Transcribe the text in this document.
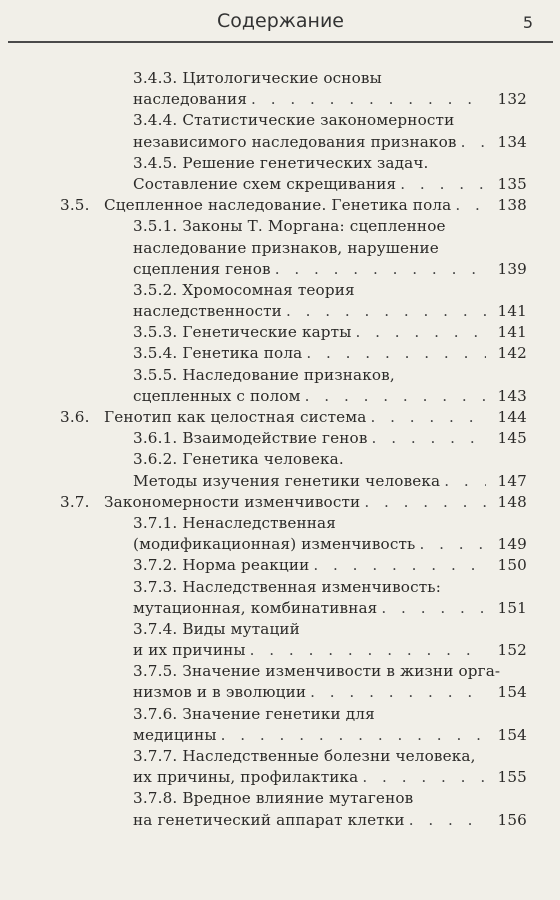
Содержание	5
3.4.3. Цитологические основы
наследования . . .	132
3.4.4. Статистические закономерности
независимого наследования признаков . . .	134
3.4.5. Решение генетических задач.
Составление схем скрещивания . . .	135
3.5. Сцепленное наследование. Генетика пола . . .	138
3.5.1. Законы Т. Моргана: сцепленное
наследование признаков, нарушение
сцепления генов . . .	139
3.5.2. Хромосомная теория
наследственности . . .	141
3.5.3. Генетические карты . . .	141
3.5.4. Генетика пола . . .	142
3.5.5. Наследование признаков,
сцепленных с полом . . .	143
3.6. Генотип как целостная система . . .	144
3.6.1. Взаимодействие генов . . .	145
3.6.2. Генетика человека.
Методы изучения генетики человека . . .	147
3.7. Закономерности изменчивости . . .	148
3.7.1. Ненаследственная
(модификационная) изменчивость . . .	149
3.7.2. Норма реакции . . .	150
3.7.3. Наследственная изменчивость:
мутационная, комбинативная . . .	151
3.7.4. Виды мутаций
и их причины . . .	152
3.7.5. Значение изменчивости в жизни орга-
низмов и в эволюции . . .	154
3.7.6. Значение генетики для
медицины . . .	154
3.7.7. Наследственные болезни человека,
их причины, профилактика . . .	155
3.7.8. Вредное влияние мутагенов
на генетический аппарат клетки . . .	156
